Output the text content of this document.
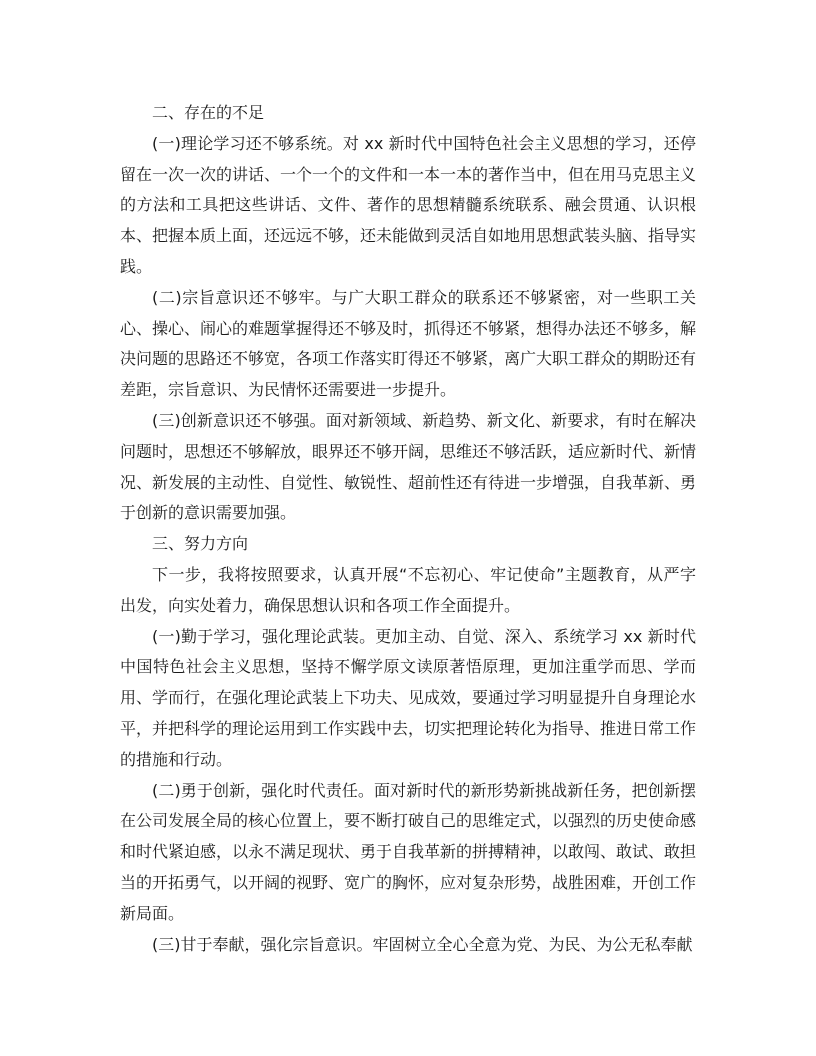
二、存在的不足

(一)理论学习还不够系统。对 xx 新时代中国特色社会主义思想的学习，还停留在一次一次的讲话、一个一个的文件和一本一本的著作当中，但在用马克思主义的方法和工具把这些讲话、文件、著作的思想精髓系统联系、融会贯通、认识根本、把握本质上面，还远远不够，还未能做到灵活自如地用思想武装头脑、指导实践。

(二)宗旨意识还不够牢。与广大职工群众的联系还不够紧密，对一些职工关心、操心、闹心的难题掌握得还不够及时，抓得还不够紧，想得办法还不够多，解决问题的思路还不够宽，各项工作落实盯得还不够紧，离广大职工群众的期盼还有差距，宗旨意识、为民情怀还需要进一步提升。

(三)创新意识还不够强。面对新领域、新趋势、新文化、新要求，有时在解决问题时，思想还不够解放，眼界还不够开阔，思维还不够活跃，适应新时代、新情况、新发展的主动性、自觉性、敏锐性、超前性还有待进一步增强，自我革新、勇于创新的意识需要加强。

三、努力方向

下一步，我将按照要求，认真开展“不忘初心、牢记使命”主题教育，从严字出发，向实处着力，确保思想认识和各项工作全面提升。

(一)勤于学习，强化理论武装。更加主动、自觉、深入、系统学习 xx 新时代中国特色社会主义思想，坚持不懈学原文读原著悟原理，更加注重学而思、学而用、学而行，在强化理论武装上下功夫、见成效，要通过学习明显提升自身理论水平，并把科学的理论运用到工作实践中去，切实把理论转化为指导、推进日常工作的措施和行动。

(二)勇于创新，强化时代责任。面对新时代的新形势新挑战新任务，把创新摆在公司发展全局的核心位置上，要不断打破自己的思维定式，以强烈的历史使命感和时代紧迫感，以永不满足现状、勇于自我革新的拼搏精神，以敢闯、敢试、敢担当的开拓勇气，以开阔的视野、宽广的胸怀，应对复杂形势，战胜困难，开创工作新局面。

(三)甘于奉献，强化宗旨意识。牢固树立全心全意为党、为民、为公无私奉献
